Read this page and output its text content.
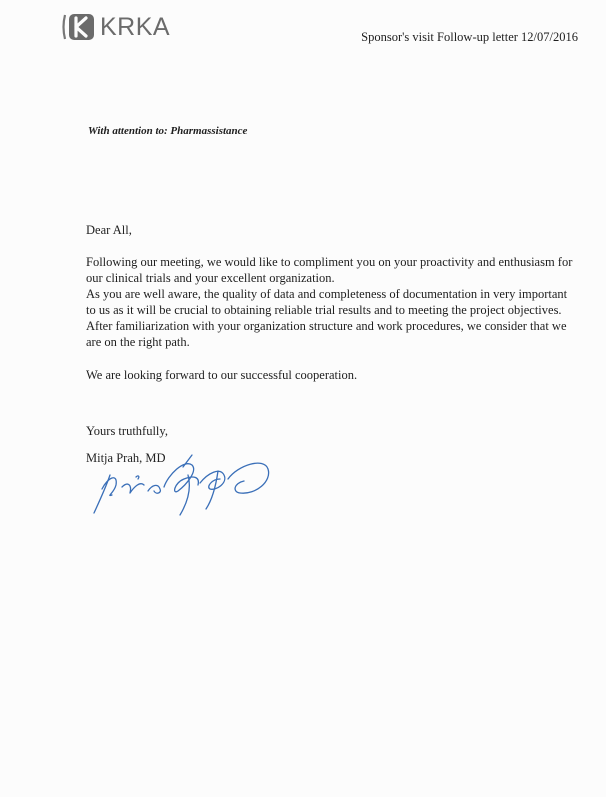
KRKA	Sponsor's visit Follow-up letter 12/07/2016
With attention to: Pharmassistance
Dear All,
Following our meeting, we would like to compliment you on your proactivity and enthusiasm for
our clinical trials and your excellent organization.
As you are well aware, the quality of data and completeness of documentation in very important
to us as it will be crucial to obtaining reliable trial results and to meeting the project objectives.
After familiarization with your organization structure and work procedures, we consider that we
are on the right path.
We are looking forward to our successful cooperation.
Yours truthfully,
Mitja Prah, MD
